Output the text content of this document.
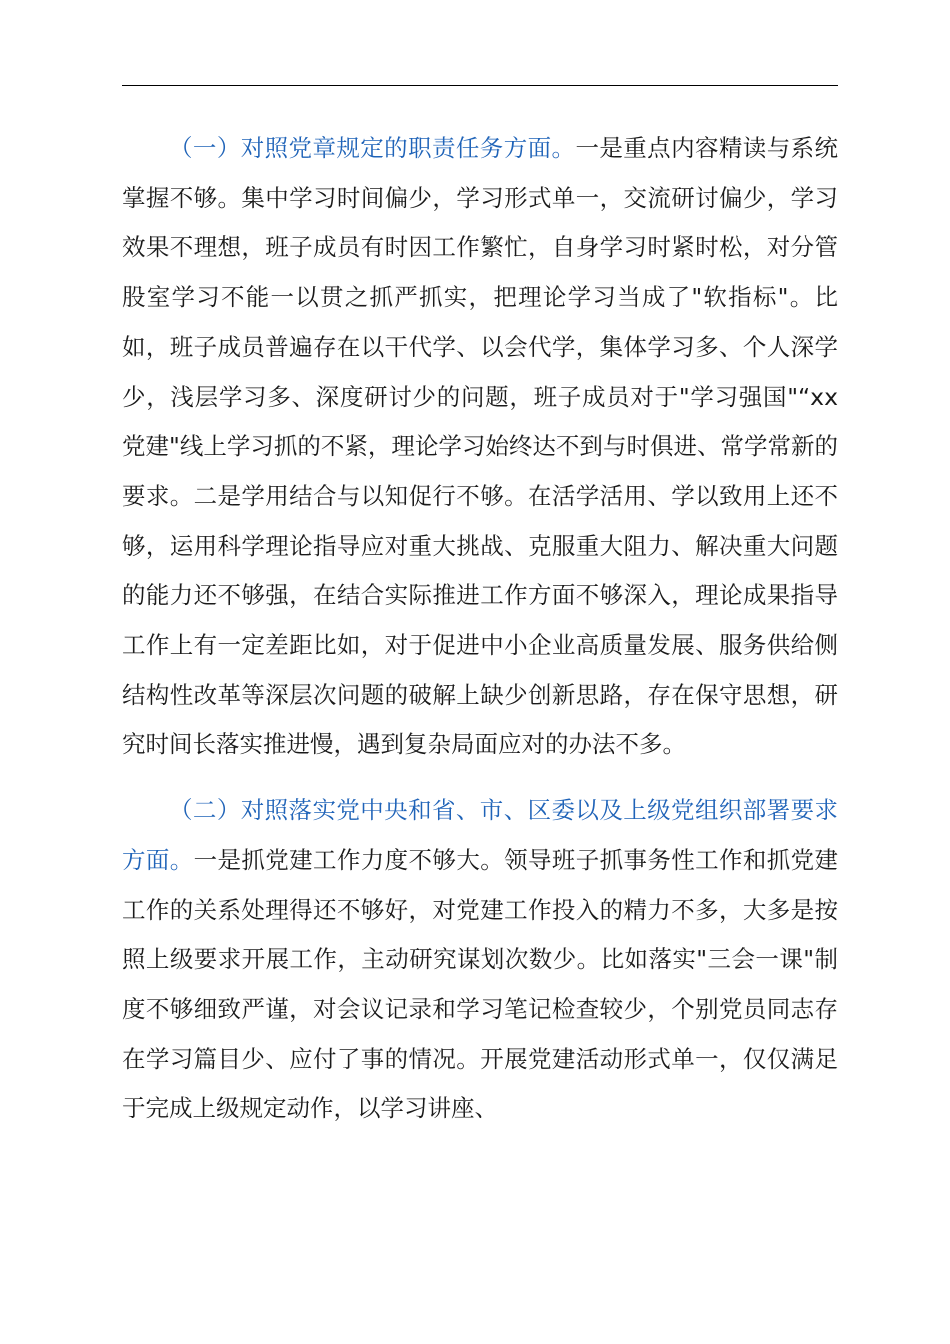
（一）对照党章规定的职责任务方面。一是重点内容精读与系统掌握不够。集中学习时间偏少，学习形式单一，交流研讨偏少，学习效果不理想，班子成员有时因工作繁忙，自身学习时紧时松，对分管股室学习不能一以贯之抓严抓实，把理论学习当成了"软指标"。比如，班子成员普遍存在以干代学、以会代学，集体学习多、个人深学少，浅层学习多、深度研讨少的问题，班子成员对于"学习强国"“xx党建"线上学习抓的不紧，理论学习始终达不到与时俱进、常学常新的要求。二是学用结合与以知促行不够。在活学活用、学以致用上还不够，运用科学理论指导应对重大挑战、克服重大阻力、解决重大问题的能力还不够强，在结合实际推进工作方面不够深入，理论成果指导工作上有一定差距比如，对于促进中小企业高质量发展、服务供给侧结构性改革等深层次问题的破解上缺少创新思路，存在保守思想，研究时间长落实推进慢，遇到复杂局面应对的办法不多。

（二）对照落实党中央和省、市、区委以及上级党组织部署要求方面。一是抓党建工作力度不够大。领导班子抓事务性工作和抓党建工作的关系处理得还不够好，对党建工作投入的精力不多，大多是按照上级要求开展工作，主动研究谋划次数少。比如落实"三会一课"制度不够细致严谨，对会议记录和学习笔记检查较少，个别党员同志存在学习篇目少、应付了事的情况。开展党建活动形式单一，仅仅满足于完成上级规定动作，以学习讲座、
